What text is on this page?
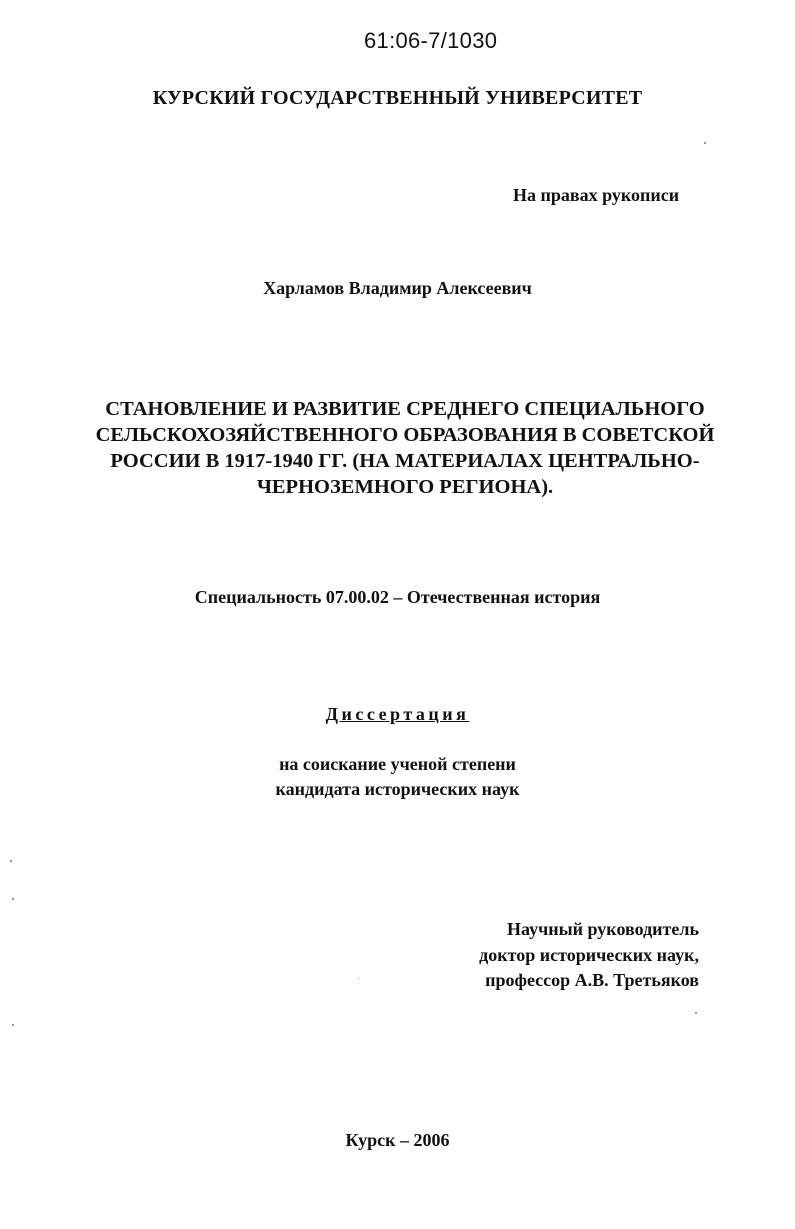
61:06-7/1030
КУРСКИЙ ГОСУДАРСТВЕННЫЙ УНИВЕРСИТЕТ
На правах рукописи
Харламов Владимир Алексеевич
СТАНОВЛЕНИЕ И РАЗВИТИЕ СРЕДНЕГО СПЕЦИАЛЬНОГО
СЕЛЬСКОХОЗЯЙСТВЕННОГО ОБРАЗОВАНИЯ В СОВЕТСКОЙ
РОССИИ В 1917-1940 ГГ. (НА МАТЕРИАЛАХ ЦЕНТРАЛЬНО-
ЧЕРНОЗЕМНОГО РЕГИОНА).
Специальность 07.00.02 – Отечественная история
Диссертация
на соискание ученой степени
кандидата исторических наук
Научный руководитель
доктор исторических наук,
профессор А.В. Третьяков
Курск – 2006
